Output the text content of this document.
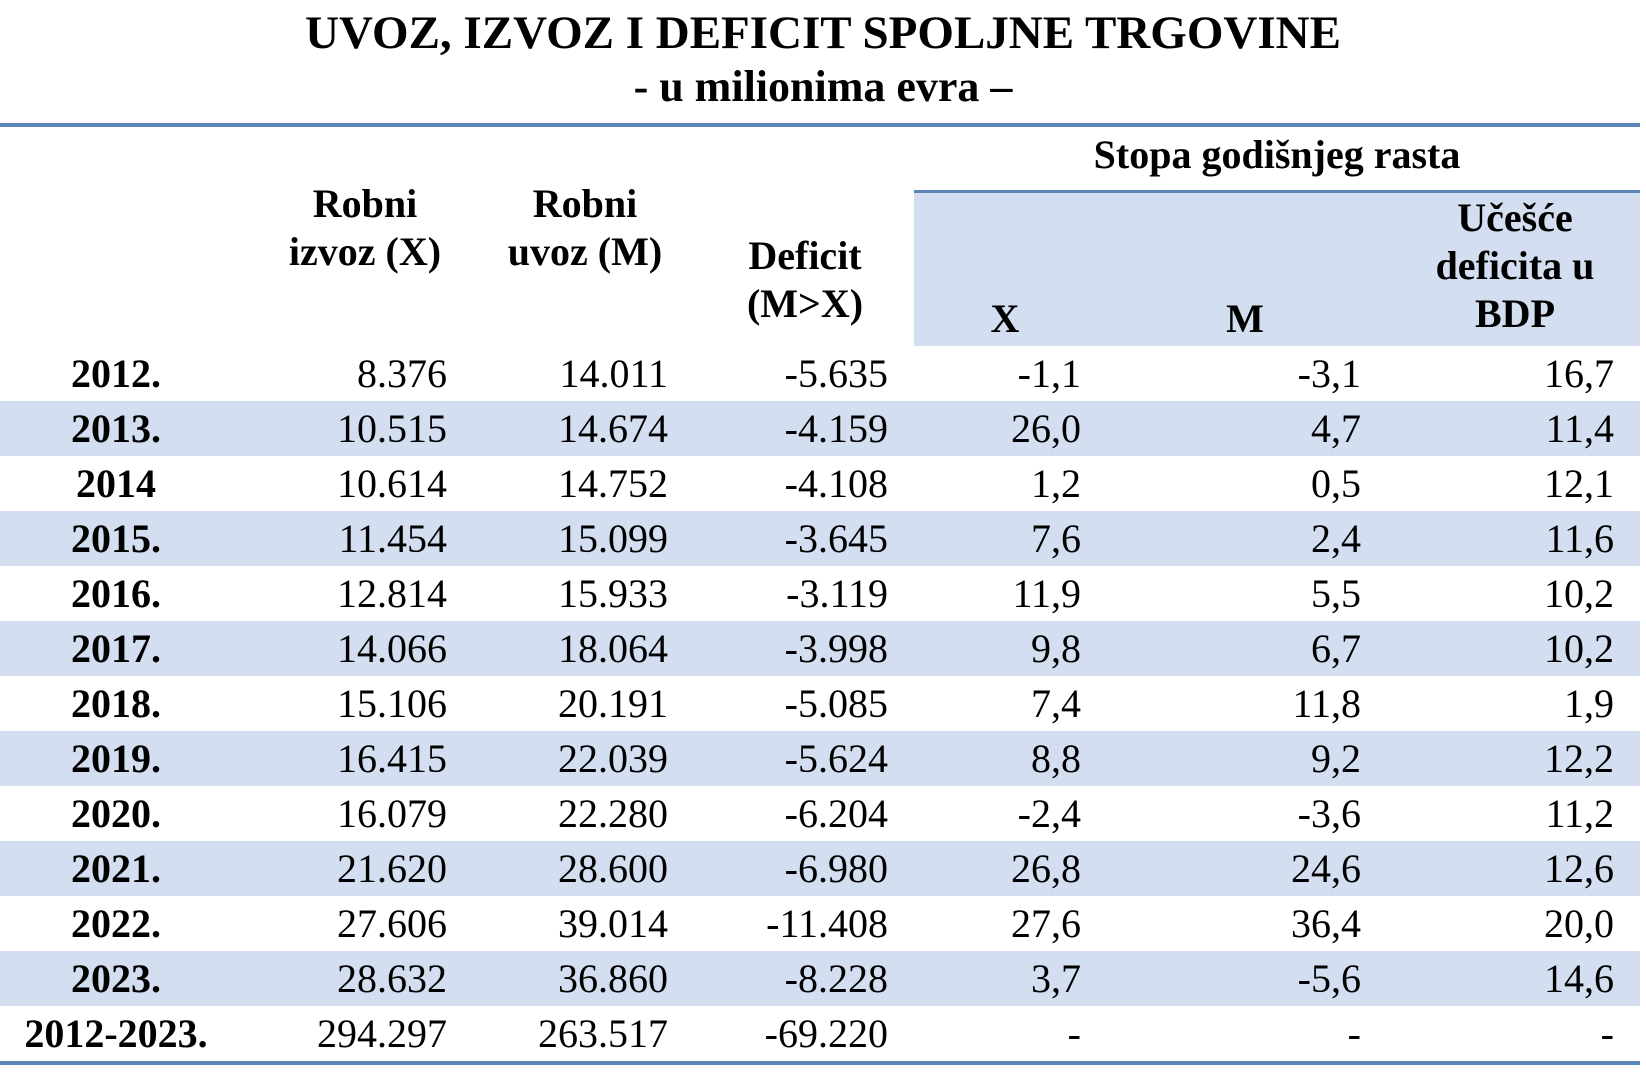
UVOZ, IZVOZ I DEFICIT SPOLJNE TRGOVINE
- u milionima evra –
Robni
izvoz (X)
Robni
uvoz (M)	Deficit
(M>X)
Stopa godišnjeg rasta
X	M
Učešće
deficita u
BDP
2012.	8.376	14.011	-5.635	-1,1	-3,1	16,7
2013.	10.515	14.674	-4.159	26,0	4,7	11,4
2014	10.614	14.752	-4.108	1,2	0,5	12,1
2015.	11.454	15.099	-3.645	7,6	2,4	11,6
2016.	12.814	15.933	-3.119	11,9	5,5	10,2
2017.	14.066	18.064	-3.998	9,8	6,7	10,2
2018.	15.106	20.191	-5.085	7,4	11,8	1,9
2019.	16.415	22.039	-5.624	8,8	9,2	12,2
2020.	16.079	22.280	-6.204	-2,4	-3,6	11,2
2021.	21.620	28.600	-6.980	26,8	24,6	12,6
2022.	27.606	39.014	-11.408	27,6	36,4	20,0
2023.	28.632	36.860	-8.228	3,7	-5,6	14,6
2012-2023.	294.297	263.517	-69.220	-	-	-
